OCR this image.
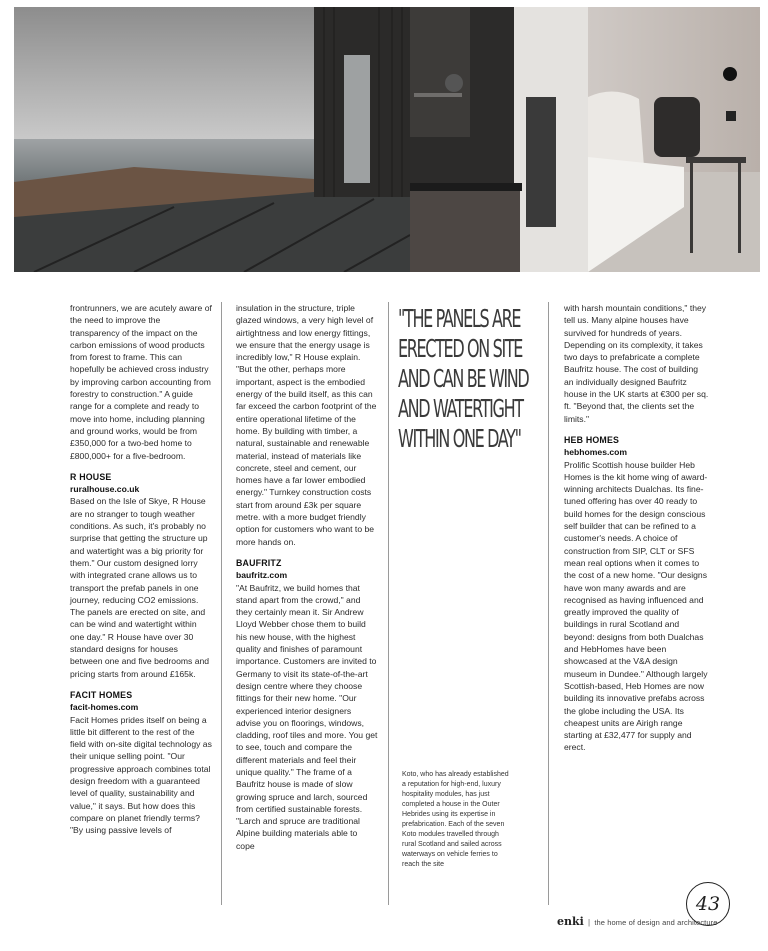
frontrunners, we are acutely aware of the need to improve the transparency of the impact on the carbon emissions of wood products from forest to frame. This can hopefully be achieved cross industry by improving carbon accounting from forestry to construction." A guide range for a complete and ready to move into home, including planning and ground works, would be from £350,000 for a two-bed home to £800,000+ for a five-bedroom.

R HOUSE

ruralhouse.co.uk

Based on the Isle of Skye, R House are no stranger to tough weather conditions. As such, it's probably no surprise that getting the structure up and watertight was a big priority for them." Our custom designed lorry with integrated crane allows us to transport the prefab panels in one journey, reducing CO2 emissions. The panels are erected on site, and can be wind and watertight within one day." R House have over 30 standard designs for houses between one and five bedrooms and pricing starts from around £165k.

FACIT HOMES

facit-homes.com

Facit Homes prides itself on being a little bit different to the rest of the field with on-site digital technology as their unique selling point. "Our progressive approach combines total design freedom with a guaranteed level of quality, sustainability and value," it says. But how does this compare on planet friendly terms? "By using passive levels of

insulation in the structure, triple glazed windows, a very high level of airtightness and low energy fittings, we ensure that the energy usage is incredibly low," R House explain. "But the other, perhaps more important, aspect is the embodied energy of the build itself, as this can far exceed the carbon footprint of the entire operational lifetime of the home. By building with timber, a natural, sustainable and renewable material, instead of materials like concrete, steel and cement, our homes have a far lower embodied energy." Turnkey construction costs start from around £3k per square metre. with a more budget friendly option for customers who want to be more hands on.

BAUFRITZ

baufritz.com

"At Baufritz, we build homes that stand apart from the crowd," and they certainly mean it. Sir Andrew Lloyd Webber chose them to build his new house, with the highest quality and finishes of paramount importance. Customers are invited to Germany to visit its state-of-the-art design centre where they choose fittings for their new home. "Our experienced interior designers advise you on floorings, windows, cladding, roof tiles and more. You get to see, touch and compare the different materials and feel their unique quality." The frame of a Baufritz house is made of slow growing spruce and larch, sourced from certified sustainable forests. "Larch and spruce are traditional Alpine building materials able to cope

"THE PANELS ARE ERECTED ON SITE AND CAN BE WIND AND WATERTIGHT WITHIN ONE DAY"

Koto, who has already established a reputation for high-end, luxury hospitality modules, has just completed a house in the Outer Hebrides using its expertise in prefabrication. Each of the seven Koto modules travelled through rural Scotland and sailed across waterways on vehicle ferries to reach the site

with harsh mountain conditions," they tell us. Many alpine houses have survived for hundreds of years. Depending on its complexity, it takes two days to prefabricate a complete Baufritz house. The cost of building an individually designed Baufritz house in the UK starts at €300 per sq. ft. "Beyond that, the clients set the limits."

HEB HOMES

hebhomes.com

Prolific Scottish house builder Heb Homes is the kit home wing of award-winning architects Dualchas. Its fine-tuned offering has over 40 ready to build homes for the design conscious self builder that can be refined to a customer's needs. A choice of construction from SIP, CLT or SFS mean real options when it comes to the cost of a new home. "Our designs have won many awards and are recognised as having influenced and greatly improved the quality of buildings in rural Scotland and beyond: designs from both Dualchas and HebHomes have been showcased at the V&A design museum in Dundee." Although largely Scottish-based, Heb Homes are now building its innovative prefabs across the globe including the USA. Its cheapest units are Airigh range starting at £32,477 for supply and erect.

enki | the home of design and architecture
43
